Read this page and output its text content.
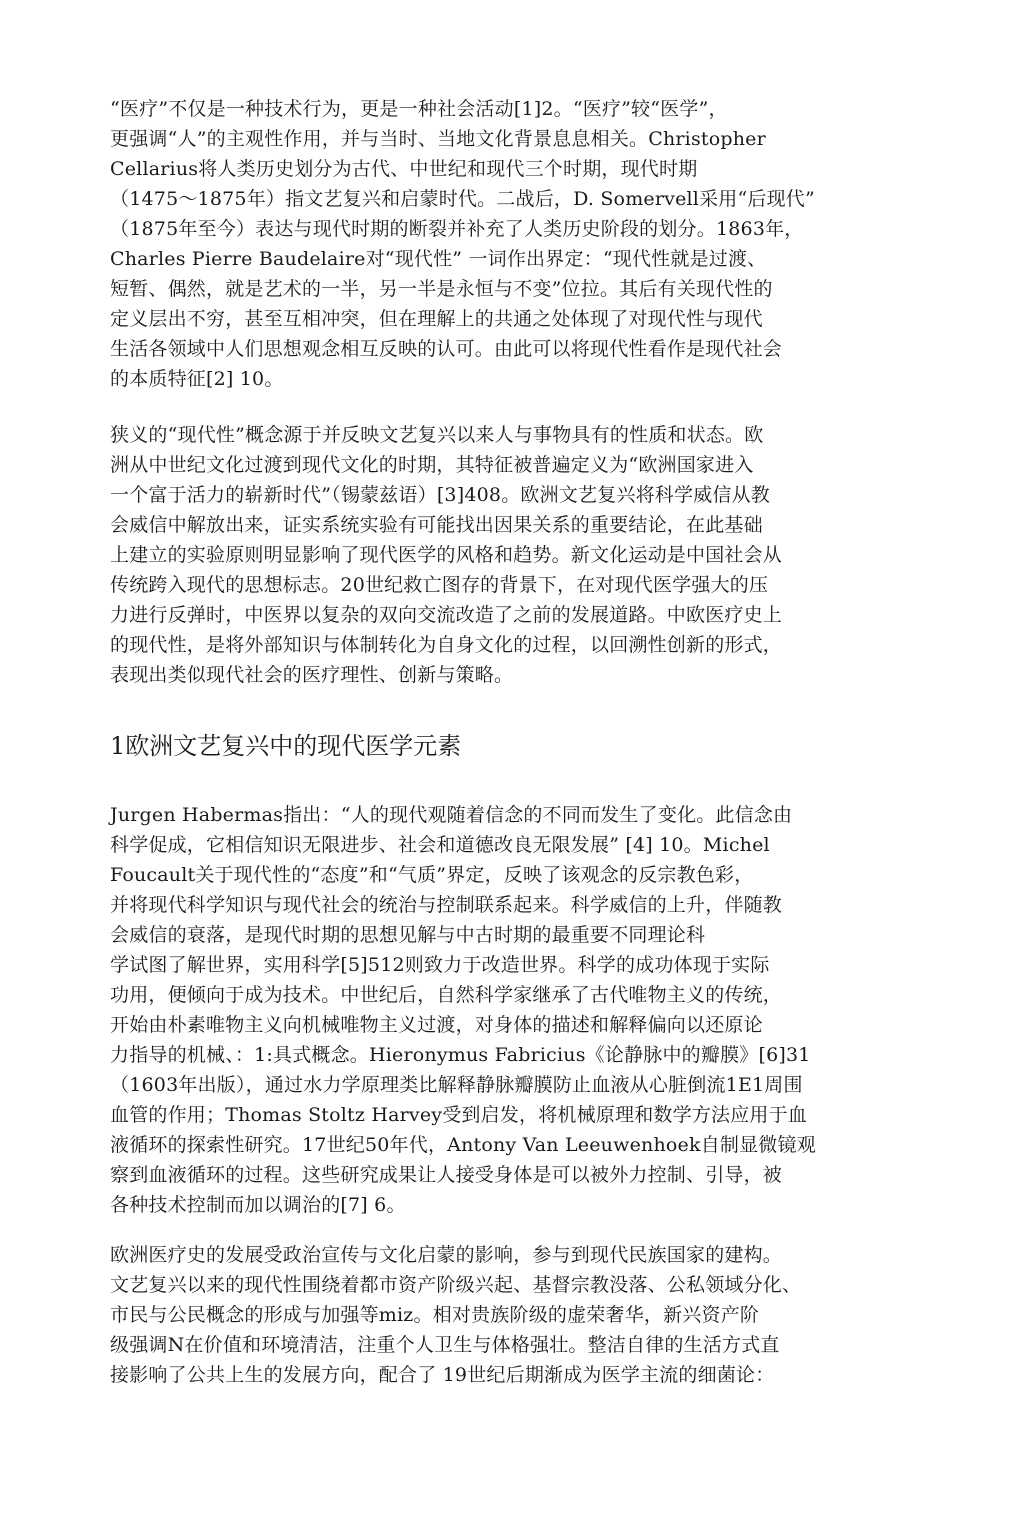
“医疗”不仅是一种技术行为，更是一种社会活动[1]2。“医疗”较“医学”，
更强调“人”的主观性作用，并与当时、当地文化背景息息相关。Christopher
Cellarius将人类历史划分为古代、中世纪和现代三个时期，现代时期
（1475～1875年）指文艺复兴和启蒙时代。二战后，D. Somervell采用“后现代”
（1875年至今）表达与现代时期的断裂并补充了人类历史阶段的划分。1863年，
Charles Pierre Baudelaire对“现代性” 一词作出界定：“现代性就是过渡、
短暂、偶然，就是艺术的一半，另一半是永恒与不变”位拉。其后有关现代性的
定义层出不穷，甚至互相冲突，但在理解上的共通之处体现了对现代性与现代
生活各领域中人们思想观念相互反映的认可。由此可以将现代性看作是现代社会
的本质特征[2] 10。
狭义的“现代性”概念源于并反映文艺复兴以来人与事物具有的性质和状态。欧
洲从中世纪文化过渡到现代文化的时期，其特征被普遍定义为“欧洲国家进入
一个富于活力的崭新时代”（锡蒙兹语）[3]408。欧洲文艺复兴将科学威信从教
会威信中解放出来，证实系统实验有可能找出因果关系的重要结论，在此基础
上建立的实验原则明显影响了现代医学的风格和趋势。新文化运动是中国社会从
传统跨入现代的思想标志。20世纪救亡图存的背景下，在对现代医学强大的压
力进行反弹时，中医界以复杂的双向交流改造了之前的发展道路。中欧医疗史上
的现代性，是将外部知识与体制转化为自身文化的过程，以回溯性创新的形式，
表现出类似现代社会的医疗理性、创新与策略。
1欧洲文艺复兴中的现代医学元素
Jurgen Habermas指出：“人的现代观随着信念的不同而发生了变化。此信念由
科学促成，它相信知识无限进步、社会和道德改良无限发展” [4] 10。Michel
Foucault关于现代性的“态度”和“气质”界定，反映了该观念的反宗教色彩，
并将现代科学知识与现代社会的统治与控制联系起来。科学威信的上升，伴随教
会威信的衰落，是现代时期的思想见解与中古时期的最重要不同理论科
学试图了解世界，实用科学[5]512则致力于改造世界。科学的成功体现于实际
功用，便倾向于成为技术。中世纪后，自然科学家继承了古代唯物主义的传统，
开始由朴素唯物主义向机械唯物主义过渡，对身体的描述和解释偏向以还原论
力指导的机械、：1:具式概念。Hieronymus Fabricius《论静脉中的瓣膜》[6]31
（1603年出版），通过水力学原理类比解释静脉瓣膜防止血液从心脏倒流1E1周围
血管的作用；Thomas Stoltz Harvey受到启发，将机械原理和数学方法应用于血
液循环的探索性研究。17世纪50年代，Antony Van Leeuwenhoek自制显微镜观
察到血液循环的过程。这些研究成果让人接受身体是可以被外力控制、引导，被
各种技术控制而加以调治的[7] 6。
欧洲医疗史的发展受政治宣传与文化启蒙的影响，参与到现代民族国家的建构。
文艺复兴以来的现代性围绕着都市资产阶级兴起、基督宗教没落、公私领域分化、
市民与公民概念的形成与加强等miz。相对贵族阶级的虚荣奢华，新兴资产阶
级强调N在价值和环境清洁，注重个人卫生与体格强壮。整洁自律的生活方式直
接影响了公共上生的发展方向，配合了 19世纪后期渐成为医学主流的细菌论：
